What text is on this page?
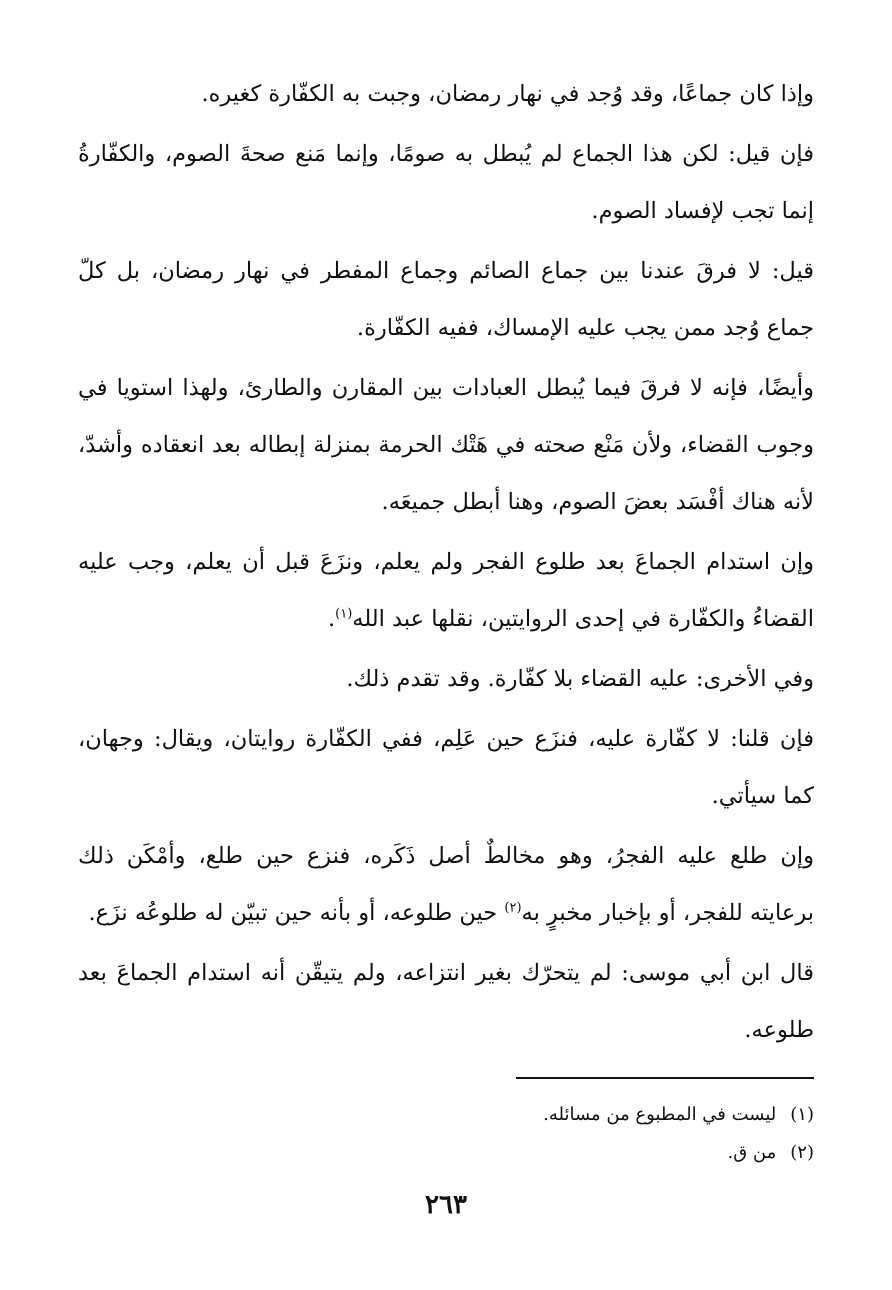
وإذا كان جماعًا، وقد وُجد في نهار رمضان، وجبت به الكفّارة كغيره.

فإن قيل: لكن هذا الجماع لم يُبطل به صومًا، وإنما مَنع صحةَ الصوم، والكفّارةُ إنما تجب لإفساد الصوم.

قيل: لا فرقَ عندنا بين جماع الصائم وجماع المفطر في نهار رمضان، بل كلّ جماع وُجد ممن يجب عليه الإمساك، ففيه الكفّارة.

وأيضًا، فإنه لا فرقَ فيما يُبطل العبادات بين المقارن والطارئ، ولهذا استويا في وجوب القضاء، ولأن مَنْع صحته في هَتْك الحرمة بمنزلة إبطاله بعد انعقاده وأشدّ، لأنه هناك أفْسَد بعضَ الصوم، وهنا أبطل جميعَه.

وإن استدام الجماعَ بعد طلوع الفجر ولم يعلم، ونزَعَ قبل أن يعلم، وجب عليه القضاءُ والكفّارة في إحدى الروايتين، نقلها عبد الله$^{(١)}$.

وفي الأخرى: عليه القضاء بلا كفّارة. وقد تقدم ذلك.

فإن قلنا: لا كفّارة عليه، فنزَع حين عَلِم، ففي الكفّارة روايتان، ويقال: وجهان، كما سيأتي.

وإن طلع عليه الفجرُ، وهو مخالطٌ أصل ذَكَره، فنزع حين طلع، وأمْكَن ذلك برعايته للفجر، أو بإخبار مخبرٍ به$^{(٢)}$ حين طلوعه، أو بأنه حين تبيّن له طلوعُه نزَع.

قال ابن أبي موسى: لم يتحرّك بغير انتزاعه، ولم يتيقّن أنه استدام الجماعَ بعد طلوعه.

(١)ليست في المطبوع من مسائله.

(٢)من ق.

٢٦٣
